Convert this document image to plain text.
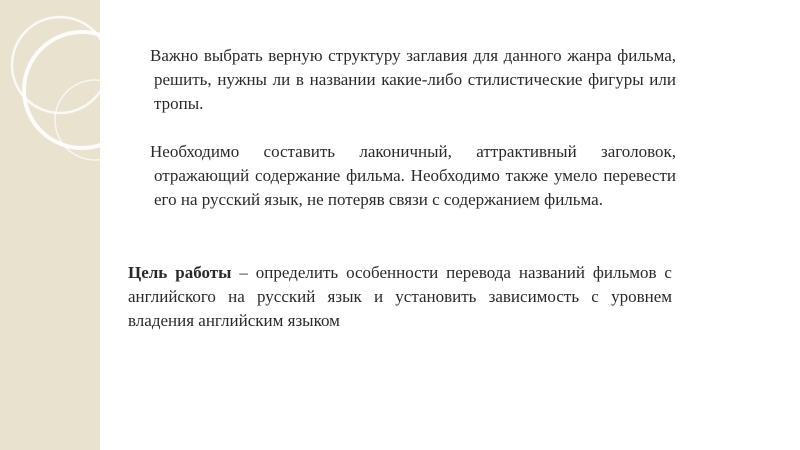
Важно выбрать верную структуру заглавия для данного жанра фильма, решить, нужны ли в названии какие-либо стилистические фигуры или тропы.

Необходимо составить лаконичный, аттрактивный заголовок, отражающий содержание фильма. Необходимо также умело перевести его на русский язык, не потеряв связи с содержанием фильма.

Цель работы – определить особенности перевода названий фильмов с английского на русский язык и установить зависимость с уровнем владения английским языком
